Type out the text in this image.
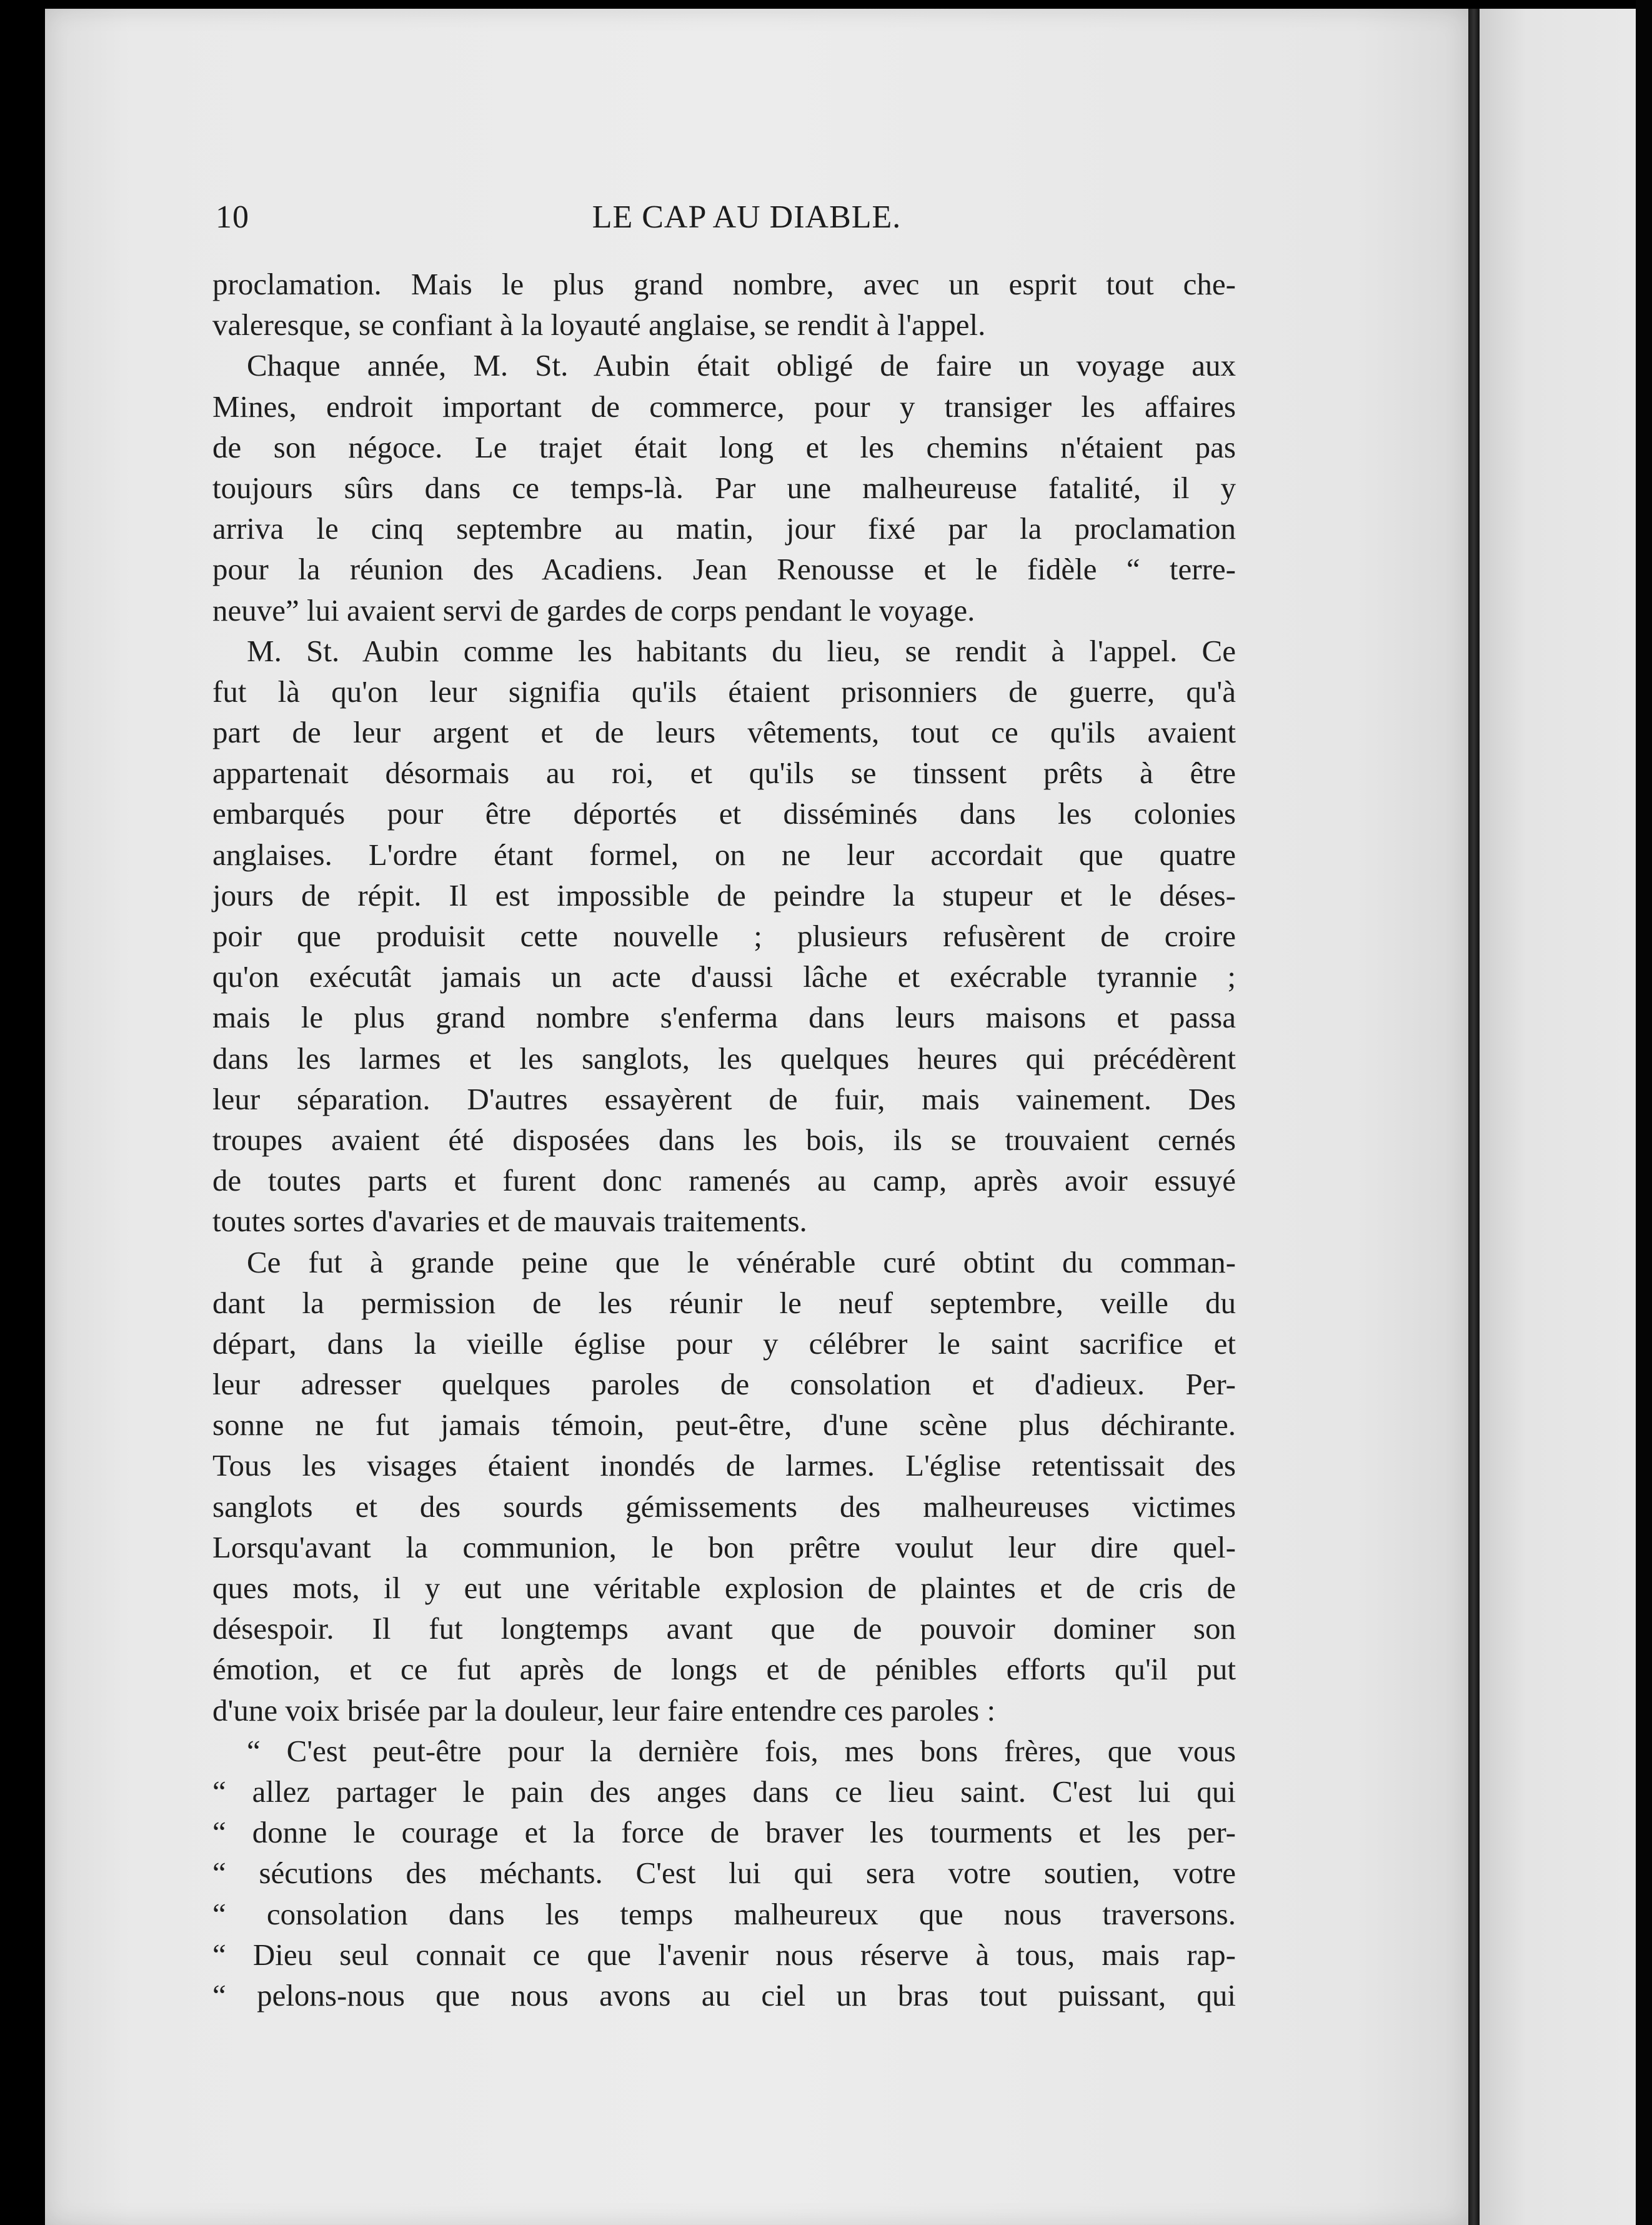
10	LE CAP AU DIABLE.
proclamation. Mais le plus grand nombre, avec un esprit tout che-
valeresque, se confiant à la loyauté anglaise, se rendit à l'appel.
Chaque année, M. St. Aubin était obligé de faire un voyage aux
Mines, endroit important de commerce, pour y transiger les affaires
de son négoce. Le trajet était long et les chemins n'étaient pas
toujours sûrs dans ce temps-là. Par une malheureuse fatalité, il y
arriva le cinq septembre au matin, jour fixé par la proclamation
pour la réunion des Acadiens. Jean Renousse et le fidèle “ terre-
neuve” lui avaient servi de gardes de corps pendant le voyage.
M. St. Aubin comme les habitants du lieu, se rendit à l'appel. Ce
fut là qu'on leur signifia qu'ils étaient prisonniers de guerre, qu'à
part de leur argent et de leurs vêtements, tout ce qu'ils avaient
appartenait désormais au roi, et qu'ils se tinssent prêts à être
embarqués pour être déportés et disséminés dans les colonies
anglaises. L'ordre étant formel, on ne leur accordait que quatre
jours de répit. Il est impossible de peindre la stupeur et le déses-
poir que produisit cette nouvelle ; plusieurs refusèrent de croire
qu'on exécutât jamais un acte d'aussi lâche et exécrable tyrannie ;
mais le plus grand nombre s'enferma dans leurs maisons et passa
dans les larmes et les sanglots, les quelques heures qui précédèrent
leur séparation. D'autres essayèrent de fuir, mais vainement. Des
troupes avaient été disposées dans les bois, ils se trouvaient cernés
de toutes parts et furent donc ramenés au camp, après avoir essuyé
toutes sortes d'avaries et de mauvais traitements.
Ce fut à grande peine que le vénérable curé obtint du comman-
dant la permission de les réunir le neuf septembre, veille du
départ, dans la vieille église pour y célébrer le saint sacrifice et
leur adresser quelques paroles de consolation et d'adieux. Per-
sonne ne fut jamais témoin, peut-être, d'une scène plus déchirante.
Tous les visages étaient inondés de larmes. L'église retentissait des
sanglots et des sourds gémissements des malheureuses victimes
Lorsqu'avant la communion, le bon prêtre voulut leur dire quel-
ques mots, il y eut une véritable explosion de plaintes et de cris de
désespoir. Il fut longtemps avant que de pouvoir dominer son
émotion, et ce fut après de longs et de pénibles efforts qu'il put
d'une voix brisée par la douleur, leur faire entendre ces paroles :
“ C'est peut-être pour la dernière fois, mes bons frères, que vous
“ allez partager le pain des anges dans ce lieu saint. C'est lui qui
“ donne le courage et la force de braver les tourments et les per-
“ sécutions des méchants. C'est lui qui sera votre soutien, votre
“ consolation dans les temps malheureux que nous traversons.
“ Dieu seul connait ce que l'avenir nous réserve à tous, mais rap-
“ pelons-nous que nous avons au ciel un bras tout puissant, qui
